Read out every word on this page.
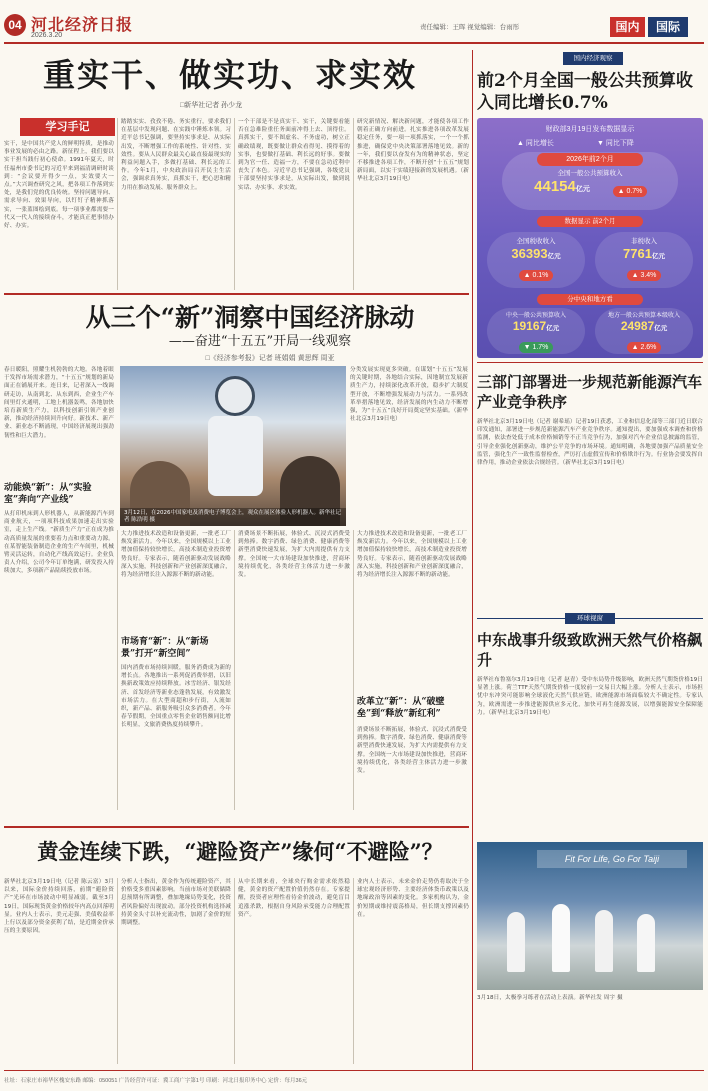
04 河北经济日报
2026.3.20
责任编辑：王晖 视觉编辑：台雨彤	国内	国际
重实干、做实功、求实效
□新华社记者 孙少龙
学习手记
实干，是中国共产党人的鲜明特质，是推动事业发展的必由之路。新征程上，我们要以实干担当践行初心使命。1991年夏天，时任福州市委书记的习近平来到福清调研时谈到：“会议要开得少一点，实效要大一点。”大兴调查研究之风，把各项工作落到实处，是我们党的优良传统。坚持问题导向、需求导向、效果导向，以钉钉子精神抓落实，一张蓝图绘到底。每一项事业都需要一代又一代人的接续奋斗，才能真正把事情办好、办实。
踏踏实实、孜孜不倦、务实重行，要求我们在基层中发现问题、在实践中锤炼本领。习近平总书记强调，要坚持实事求是、从实际出发，不断增强工作的系统性、针对性、实效性。要从人民群众最关心最直接最现实的利益问题入手，多做打基础、利长远的工作。今年1月，中央政治局召开民主生活会，强调求真务实，真抓实干，把心思和精力用在推动发展、服务群众上。
一个干部是不是真实干、实干，关键要看能否在急难险重任务面前冲得上去、顶得住。真抓实干，要不图虚名、不务虚功，树立正确政绩观，既要做让群众看得见、摸得着的实事，也要做打基础、利长远的好事。要做到为官一任、造福一方，不要在急功近利中丧失了本色。习近平总书记强调，各级党员干部要坚持实事求是，从实际出发，做到说实话、办实事、求实效。
研究新情况、解决新问题，才能使各项工作朝着正确方向前进。扎实推进各项改革发展稳定任务，要一项一项抓落实，一个一个抓推进，确保党中央决策部署落地见效。新的一年，我们要以奋发有为的精神状态，坚定不移推进各项工作，不断开创“十五五”规划新局面，以实干实绩迎接新的发展机遇。（新华社北京3月19日电）
从三个“新”洞察中国经济脉动
——奋进“十五五”开局一线观察
□《经济参考报》记者 班娟娟 黄思辉 周亚
春日暖阳，照耀生机勃勃的大地。各地着眼于发挥市场需求潜力，“十五五”规划的新局面正在铺展开来。连日来，记者深入一线调研走访，从南到北、从东到西，企业生产车间里灯火通明，工地上机器轰鸣，各地加快培育新质生产力，以科技创新引领产业创新，推动经济持续回升向好。新技术、新产业、新业态不断涌现，中国经济展现出强劲韧性和巨大潜力。
3月12日，在2026中国家电及消费电子博览会上，观众在展区体验人形机器人。新华社记者 陈浩明 摄
分类发展实现更多突破。在谋划“十五五”发展的关键时期，各地结合实际，因地制宜发展新质生产力，持续深化改革开放，稳步扩大制度型开放，不断增强发展动力与活力。一系列改革举措落地见效，经济发展的内生动力不断增强，为“十五五”良好开局奠定坚实基础。（新华社北京3月19日电）
动能焕“新”：从“实验室”奔向“产业线”
从打印机床到人形机器人，从新能源汽车到商业航天，一项项科技成果加速走出实验室，走上生产线。“新质生产力”正在成为推动高质量发展的重要着力点和重要动力源。在某智能装备制造企业的生产车间里，机械臂灵活运转，自动化产线高效运行。企业负责人介绍，公司今年订单饱满，研发投入持续加大，多项新产品陆续投放市场。
大力推进技术改造和设备更新，一批老工厂焕发新活力。今年以来，全国规模以上工业增加值保持较快增长，高技术制造业投资增势良好。专家表示，随着创新驱动发展战略深入实施，科技创新和产业创新深度融合，将为经济增长注入源源不断的新动能。
市场育“新”：从“新场景”打开“新空间”
国内消费市场持续回暖，服务消费成为新的增长点。各地推出一系列促消费举措，以旧换新政策效应持续释放。冰雪经济、银发经济、首发经济等新业态蓬勃发展，有效激发市场活力。在大型商超和步行街，人流如织，新产品、新服务吸引众多消费者。今年春节假期，全国重点零售企业销售额同比增长明显，文旅消费热度持续攀升。
消费场景不断拓展，体验式、沉浸式消费受到热捧。数字消费、绿色消费、健康消费等新型消费快速发展，为扩大内需提供有力支撑。全国统一大市场建设加快推进，营商环境持续优化，各类经营主体活力进一步激发。
改革立“新”：从“破壁垒”到“释放”新红利”
大力推进技术改造和设备更新，一批老工厂焕发新活力。今年以来，全国规模以上工业增加值保持较快增长，高技术制造业投资增势良好。专家表示，随着创新驱动发展战略深入实施，科技创新和产业创新深度融合，将为经济增长注入源源不断的新动能。
消费场景不断拓展，体验式、沉浸式消费受到热捧。数字消费、绿色消费、健康消费等新型消费快速发展，为扩大内需提供有力支撑。全国统一大市场建设加快推进，营商环境持续优化，各类经营主体活力进一步激发。
黄金连续下跌，“避险资产”缘何“不避险”？
新华社北京3月19日电（记者 陈云富）3月以来，国际金价持续回落，前期“避险资产”光环在市场波动中明显减弱。截至3月19日，国际现货黄金价格较年内高点回落明显。业内人士表示，美元走强、美债收益率上行以及部分资金获利了结，是近期金价承压的主要原因。
分析人士指出，黄金作为传统避险资产，其价格受多重因素影响。当前市场对美联储降息预期有所调整，叠加地缘局势变化，投资者风险偏好出现波动。部分投资机构选择减持黄金头寸以补充流动性，加剧了金价的短期调整。
从中长期来看，全球央行购金需求依然稳健，黄金的资产配置价值仍然存在。专家提醒，投资者应理性看待金价波动，避免盲目追涨杀跌，根据自身风险承受能力合理配置资产。
业内人士表示，未来金价走势仍将取决于全球宏观经济形势、主要经济体货币政策以及地缘政治等因素的变化。多家机构认为，金价短期或维持震荡格局，但长期支撑因素仍在。
国内经济观察
前2个月全国一般公共预算收入同比增长0.7%
财政部3月19日发布数据显示
▲ 同比增长	▼ 同比下降
2026年前2个月
全国一般公共预算收入
44154亿元	▲ 0.7%
数据显示 前2个月
全国税收收入
36393亿元
▲ 0.1%
非税收入
7761亿元
▲ 3.4%
分中央和地方看
中央一般公共预算收入
19167亿元
▼ 1.7%
地方一般公共预算本级收入
24987亿元
▲ 2.6%
三部门部署进一步规范新能源汽车产业竞争秩序
新华社北京3月19日电（记者 谢希瑶）记者19日获悉，工业和信息化部等三部门近日联合印发通知，部署进一步规范新能源汽车产业竞争秩序。通知提出，要加强成本调查和价格监测，依法查处低于成本价格倾销等不正当竞争行为，加强对汽车企业信息披露的监管，引导企业强化创新驱动，维护公平竞争的市场环境。通知明确，各地要加强产品质量安全监管，强化生产一致性监督检查，严厉打击虚假宣传和价格欺诈行为。行业协会要发挥自律作用，推动企业依法合规经营。（新华社北京3月19日电）
环球视窗
中东战事升级致欧洲天然气价格飙升
新华社布鲁塞尔3月19日电（记者 赵青）受中东局势升级影响，欧洲天然气期货价格19日显著上涨。荷兰TTF天然气期货价格一度较前一交易日大幅上涨。分析人士表示，市场担忧中东冲突可能影响全球液化天然气供应链，欧洲能源市场面临较大不确定性。专家认为，欧洲需进一步推进能源供应多元化，加快可再生能源发展，以增强能源安全保障能力。（新华社北京3月19日电）
Fit For Life, Go For Taiji
3月18日，太极拳习练者在活动上表演。新华社发 周宇 摄
社址：石家庄市裕华区槐安东路 邮编：050051 广告经营许可证：冀工商广字第1号 印刷：河北日报印务中心 定价：每月36元
